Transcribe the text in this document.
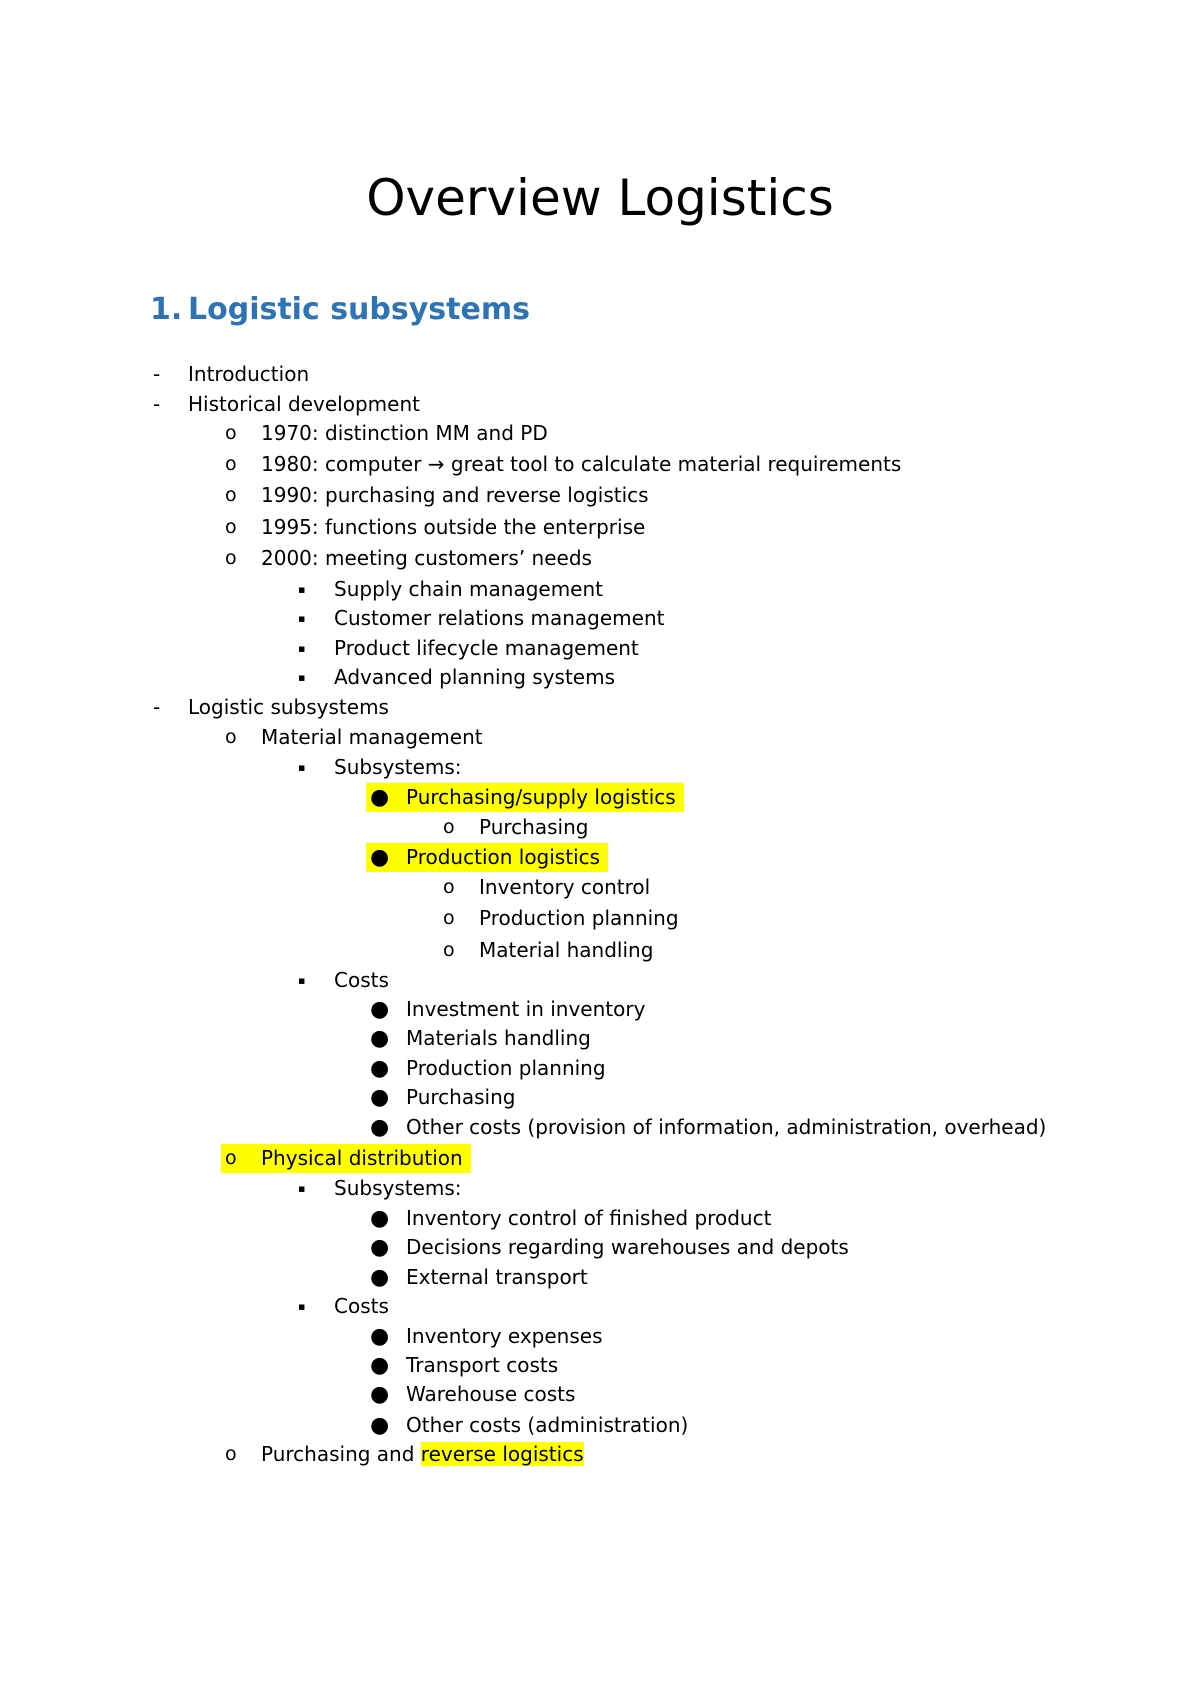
Overview Logistics
1. Logistic subsystems
- Introduction
- Historical development
o 1970: distinction MM and PD
o 1980: computer → great tool to calculate material requirements
o 1990: purchasing and reverse logistics
o 1995: functions outside the enterprise
o 2000: meeting customers’ needs
▪ Supply chain management
▪ Customer relations management
▪ Product lifecycle management
▪ Advanced planning systems
- Logistic subsystems
o Material management
▪ Subsystems:
● Purchasing/supply logistics
o Purchasing
● Production logistics
o Inventory control
o Production planning
o Material handling
▪ Costs
● Investment in inventory
● Materials handling
● Production planning
● Purchasing
● Other costs (provision of information, administration, overhead)
o Physical distribution
▪ Subsystems:
● Inventory control of finished product
● Decisions regarding warehouses and depots
● External transport
▪ Costs
● Inventory expenses
● Transport costs
● Warehouse costs
● Other costs (administration)
o Purchasing and reverse logistics
